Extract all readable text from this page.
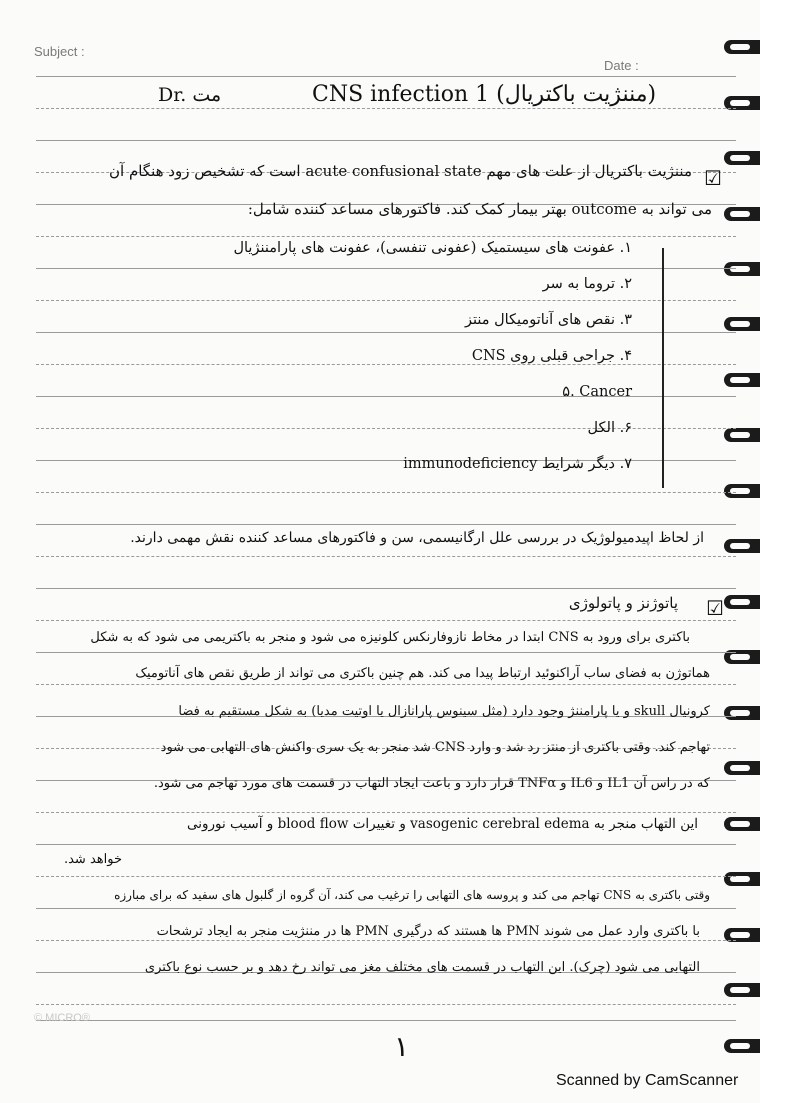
Subject :
Date :
Dr. مت	CNS infection 1 (مننژیت باکتریال)
☑
مننژیت باکتریال از علت های مهم acute confusional state است که تشخیص زود هنگام آن
می تواند به outcome بهتر بیمار کمک کند. فاکتورهای مساعد کننده شامل:
۱. عفونت های سیستمیک (عفونی تنفسی)، عفونت های پارامننژیال
۲. تروما به سر
۳. نقص های آناتومیکال منتز
۴. جراحی قبلی روی CNS
۵. Cancer
۶. الکل
۷. دیگر شرایط immunodeficiency
از لحاظ اپیدمیولوژیک در بررسی علل ارگانیسمی، سن و فاکتورهای مساعد کننده نقش مهمی دارند.
☑
پاتوژنز و پاتولوژی
باکتری برای ورود به CNS ابتدا در مخاط نازوفارنکس کلونیزه می شود و منجر به باکتریمی می شود که به شکل
هماتوژن به فضای ساب آراکنوئید ارتباط پیدا می کند. هم چنین باکتری می تواند از طریق نقص های آناتومیک
کرونیال skull و یا پارامننژ وجود دارد (مثل سینوس پارانازال یا اوتیت مدیا) به شکل مستقیم به فضا
تهاجم کند. وقتی باکتری از منتز رد شد و وارد CNS شد منجر به یک سری واکنش های التهابی می شود
که در راس آن IL1 و IL6 و TNFα قرار دارد و باعث ایجاد التهاب در قسمت های مورد تهاجم می شود.
این التهاب منجر به vasogenic cerebral edema و تغییرات blood flow و آسیب نورونی
خواهد شد.
وقتی باکتری به CNS تهاجم می کند و پروسه های التهابی را ترغیب می کند، آن گروه از گلبول های سفید که برای مبارزه
با باکتری وارد عمل می شوند PMN ها هستند که درگیری PMN ها در مننژیت منجر به ایجاد ترشحات
التهابی می شود (چرک). این التهاب در قسمت های مختلف مغز می تواند رخ دهد و بر حسب نوع باکتری
© MICRO®
۱
Scanned by CamScanner
